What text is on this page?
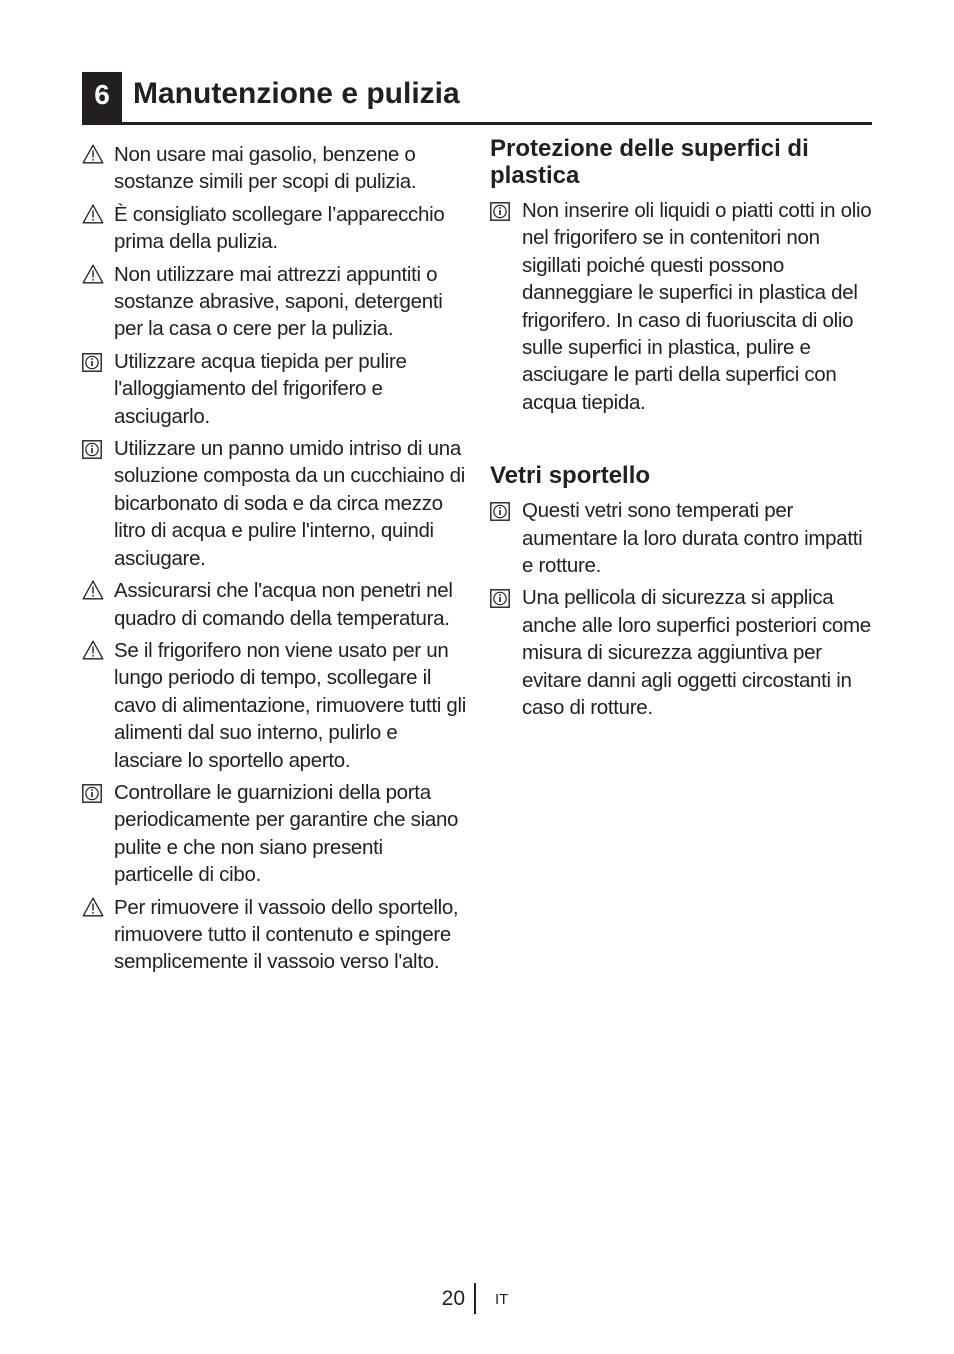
6 Manutenzione e pulizia
Non usare mai gasolio, benzene o sostanze simili per scopi di pulizia.
È consigliato scollegare l’apparecchio prima della pulizia.
Non utilizzare mai attrezzi appuntiti o sostanze abrasive, saponi, detergenti per la casa o cere per la pulizia.
Utilizzare acqua tiepida per pulire l'alloggiamento del frigorifero e asciugarlo.
Utilizzare un panno umido intriso di una soluzione composta da un cucchiaino di bicarbonato di soda e da circa mezzo litro di acqua e pulire l'interno, quindi asciugare.
Assicurarsi che l'acqua non penetri nel quadro di comando della temperatura.
Se il frigorifero non viene usato per un lungo periodo di tempo, scollegare il cavo di alimentazione, rimuovere tutti gli alimenti dal suo interno, pulirlo e lasciare lo sportello aperto.
Controllare le guarnizioni della porta periodicamente per garantire che siano pulite e che non siano presenti particelle di cibo.
Per rimuovere il vassoio dello sportello, rimuovere tutto il contenuto e spingere semplicemente il vassoio verso l'alto.
Protezione delle superfici di plastica
Non inserire oli liquidi o piatti cotti in olio nel frigorifero se in contenitori non sigillati poiché questi possono danneggiare le superfici in plastica del frigorifero. In caso di fuoriuscita di olio sulle superfici in plastica, pulire e asciugare le parti della superfici con acqua tiepida.
Vetri sportello
Questi vetri sono temperati per aumentare la loro durata contro impatti e rotture.
Una pellicola di sicurezza si applica anche alle loro superfici posteriori come misura di sicurezza aggiuntiva per evitare danni agli oggetti circostanti in caso di rotture.
20 IT
